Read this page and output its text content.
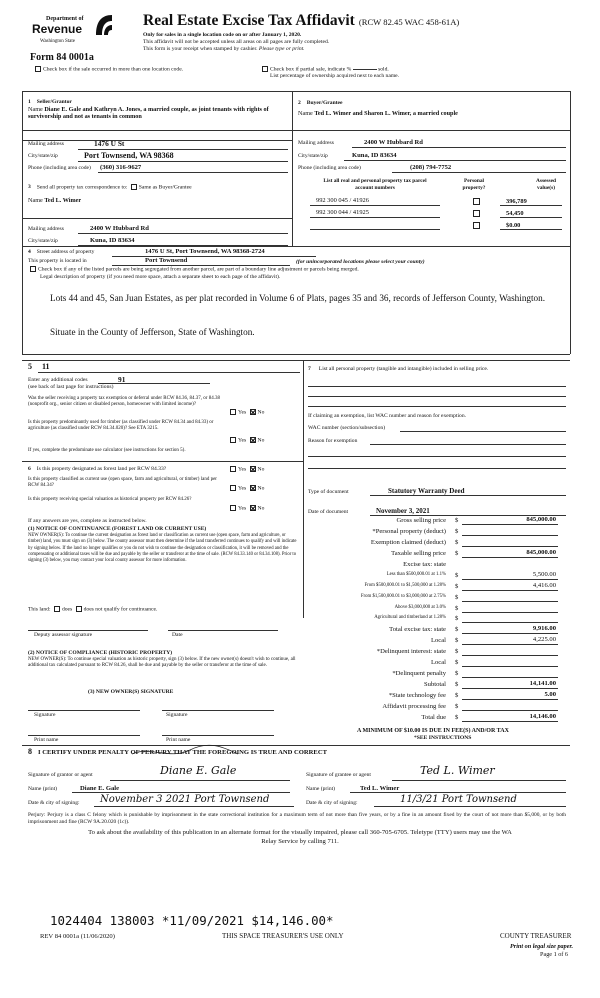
Department of
Revenue
Washington State
Form 84 0001a
Real Estate Excise Tax Affidavit (RCW 82.45 WAC 458-61A)
Only for sales in a single location code on or after January 1, 2020.
This affidavit will not be accepted unless all areas on all pages are fully completed.
This form is your receipt when stamped by cashier. Please type or print.
Check box if the sale occurred in more than one location code.	Check box if partial sale, indicate %	sold.
List percentage of ownership acquired next to each name.
1 Seller/Grantor
Name Diane E. Gale and Kathryn A. Jones, a married couple, as joint tenants with rights of survivorship and not as tenants in common
Mailing address	1476 U St
City/state/zip	Port Townsend, WA 98368
Phone (including area code) (360) 316-9627
2 Buyer/Grantee
Name Ted L. Wimer and Sharon L. Wimer, a married couple
Mailing address	2400 W Hubbard Rd
City/state/zip	Kuna, ID 83634
Phone (including area code)	(208) 794-7752
3 Send all property tax correspondence to: Same as Buyer/Grantee
Name Ted L. Wimer
Mailing address	2400 W Hubbard Rd
City/state/zip	Kuna, ID 83634
List all real and personal property tax parcel account numbers
Personal property?
Assessed value(s)
992 300 045 / 41926	396,789
992 300 044 / 41925	54,450
$0.00
4 Street address of property	1476 U St, Port Townsend, WA 98368-2724
This property is located in	Port Townsend	(for unincorporated locations please select your county)
Check box if any of the listed parcels are being segregated from another parcel, are part of a boundary line adjustment or parcels being merged.
Legal description of property (if you need more space, attach a separate sheet to each page of the affidavit).
Lots 44 and 45, San Juan Estates, as per plat recorded in Volume 6 of Plats, pages 35 and 36, records of Jefferson County, Washington.
Situate in the County of Jefferson, State of Washington.
5 11
Enter any additional codes	91
(see back of last page for instructions)
Was the seller receiving a property tax exemption or deferral under RCW 84.36, 84.37, or 84.38 (nonprofit org., senior citizen or disabled person, homeowner with limited income)?
Yes No
Is this property predominantly used for timber (as classified under RCW 84.34 and 84.33) or agriculture (as classified under RCW 84.34.020)? See ETA 3215.
Yes No
If yes, complete the predominate use calculator (see instructions for section 5).
6 Is this property designated as forest land per RCW 84.33?	Yes No
Is this property classified as current use (open space, farm and agricultural, or timber) land per RCW 84.34?	Yes No
Is this property receiving special valuation as historical property per RCW 84.26?
Yes No
If any answers are yes, complete as instructed below.
(1) NOTICE OF CONTINUANCE (FOREST LAND OR CURRENT USE)
NEW OWNER(S): To continue the current designation as forest land or classification as current use (open space, farm and agriculture, or timber) land, you must sign on (3) below. The county assessor must then determine if the land transferred continues to qualify and will indicate by signing below. If the land no longer qualifies or you do not wish to continue the designation or classification, it will be removed and the compensating or additional taxes will be due and payable by the seller or transferor at the time of sale. (RCW 84.33.140 or 84.34.108). Prior to signing (3) below, you may contact your local county assessor for more information.
This land: does does not qualify for continuance.
Deputy assessor signature	Date
(2) NOTICE OF COMPLIANCE (HISTORIC PROPERTY)
NEW OWNER(S): To continue special valuation as historic property, sign (3) below. If the new owner(s) doesn't wish to continue, all additional tax calculated pursuant to RCW 84.26, shall be due and payable by the seller or transferor at the time of sale.
(3) NEW OWNER(S) SIGNATURE
Signature	Signature
Print name	Print name
7 List all personal property (tangible and intangible) included in selling price.
If claiming an exemption, list WAC number and reason for exemption.
WAC number (section/subsection)
Reason for exemption
Type of document	Statutory Warranty Deed
Date of document	November 3, 2021
Gross selling price $	845,000.00
*Personal property (deduct) $
Exemption claimed (deduct) $
Taxable selling price $	845,000.00
Excise tax: state
Less than $500,000.01 at 1.1% $	5,500.00
From $500,000.01 to $1,500,000 at 1.28% $	4,416.00
From $1,500,000.01 to $3,000,000 at 2.75% $
Above $3,000,000 at 3.0% $
Agricultural and timberland at 1.28% $
Total excise tax: state $	9,916.00
Local $	4,225.00
*Delinquent interest: state $
Local $
*Delinquent penalty $
Subtotal $	14,141.00
*State technology fee $	5.00
Affidavit processing fee $
Total due $	14,146.00
A MINIMUM OF $10.00 IS DUE IN FEE(S) AND/OR TAX
*SEE INSTRUCTIONS
8 I CERTIFY UNDER PENALTY OF PERJURY THAT THE FOREGOING IS TRUE AND CORRECT
Signature of grantor or agent	Diane E. Gale
Name (print)	Diane E. Gale
Date & city of signing: November 3 2021 Port Townsend
Signature of grantee or agent	Ted L. Wimer
Name (print)	Ted L. Wimer
Date & city of signing:	11/3/21 Port Townsend
Perjury: Perjury is a class C felony which is punishable by imprisonment in the state correctional institution for a maximum term of not more than five years, or by a fine in an amount fixed by the court of not more than $5,000, or by both imprisonment and fine (RCW 9A.20.020 (1c)).
To ask about the availability of this publication in an alternate format for the visually impaired, please call 360-705-6705. Teletype (TTY) users may use the WA Relay Service by calling 711.
1024404 138003 *11/09/2021 $14,146.00*
REV 84 0001a (11/06/2020)	THIS SPACE TREASURER'S USE ONLY	COUNTY TREASURER
Print on legal size paper.
Page 1 of 6
